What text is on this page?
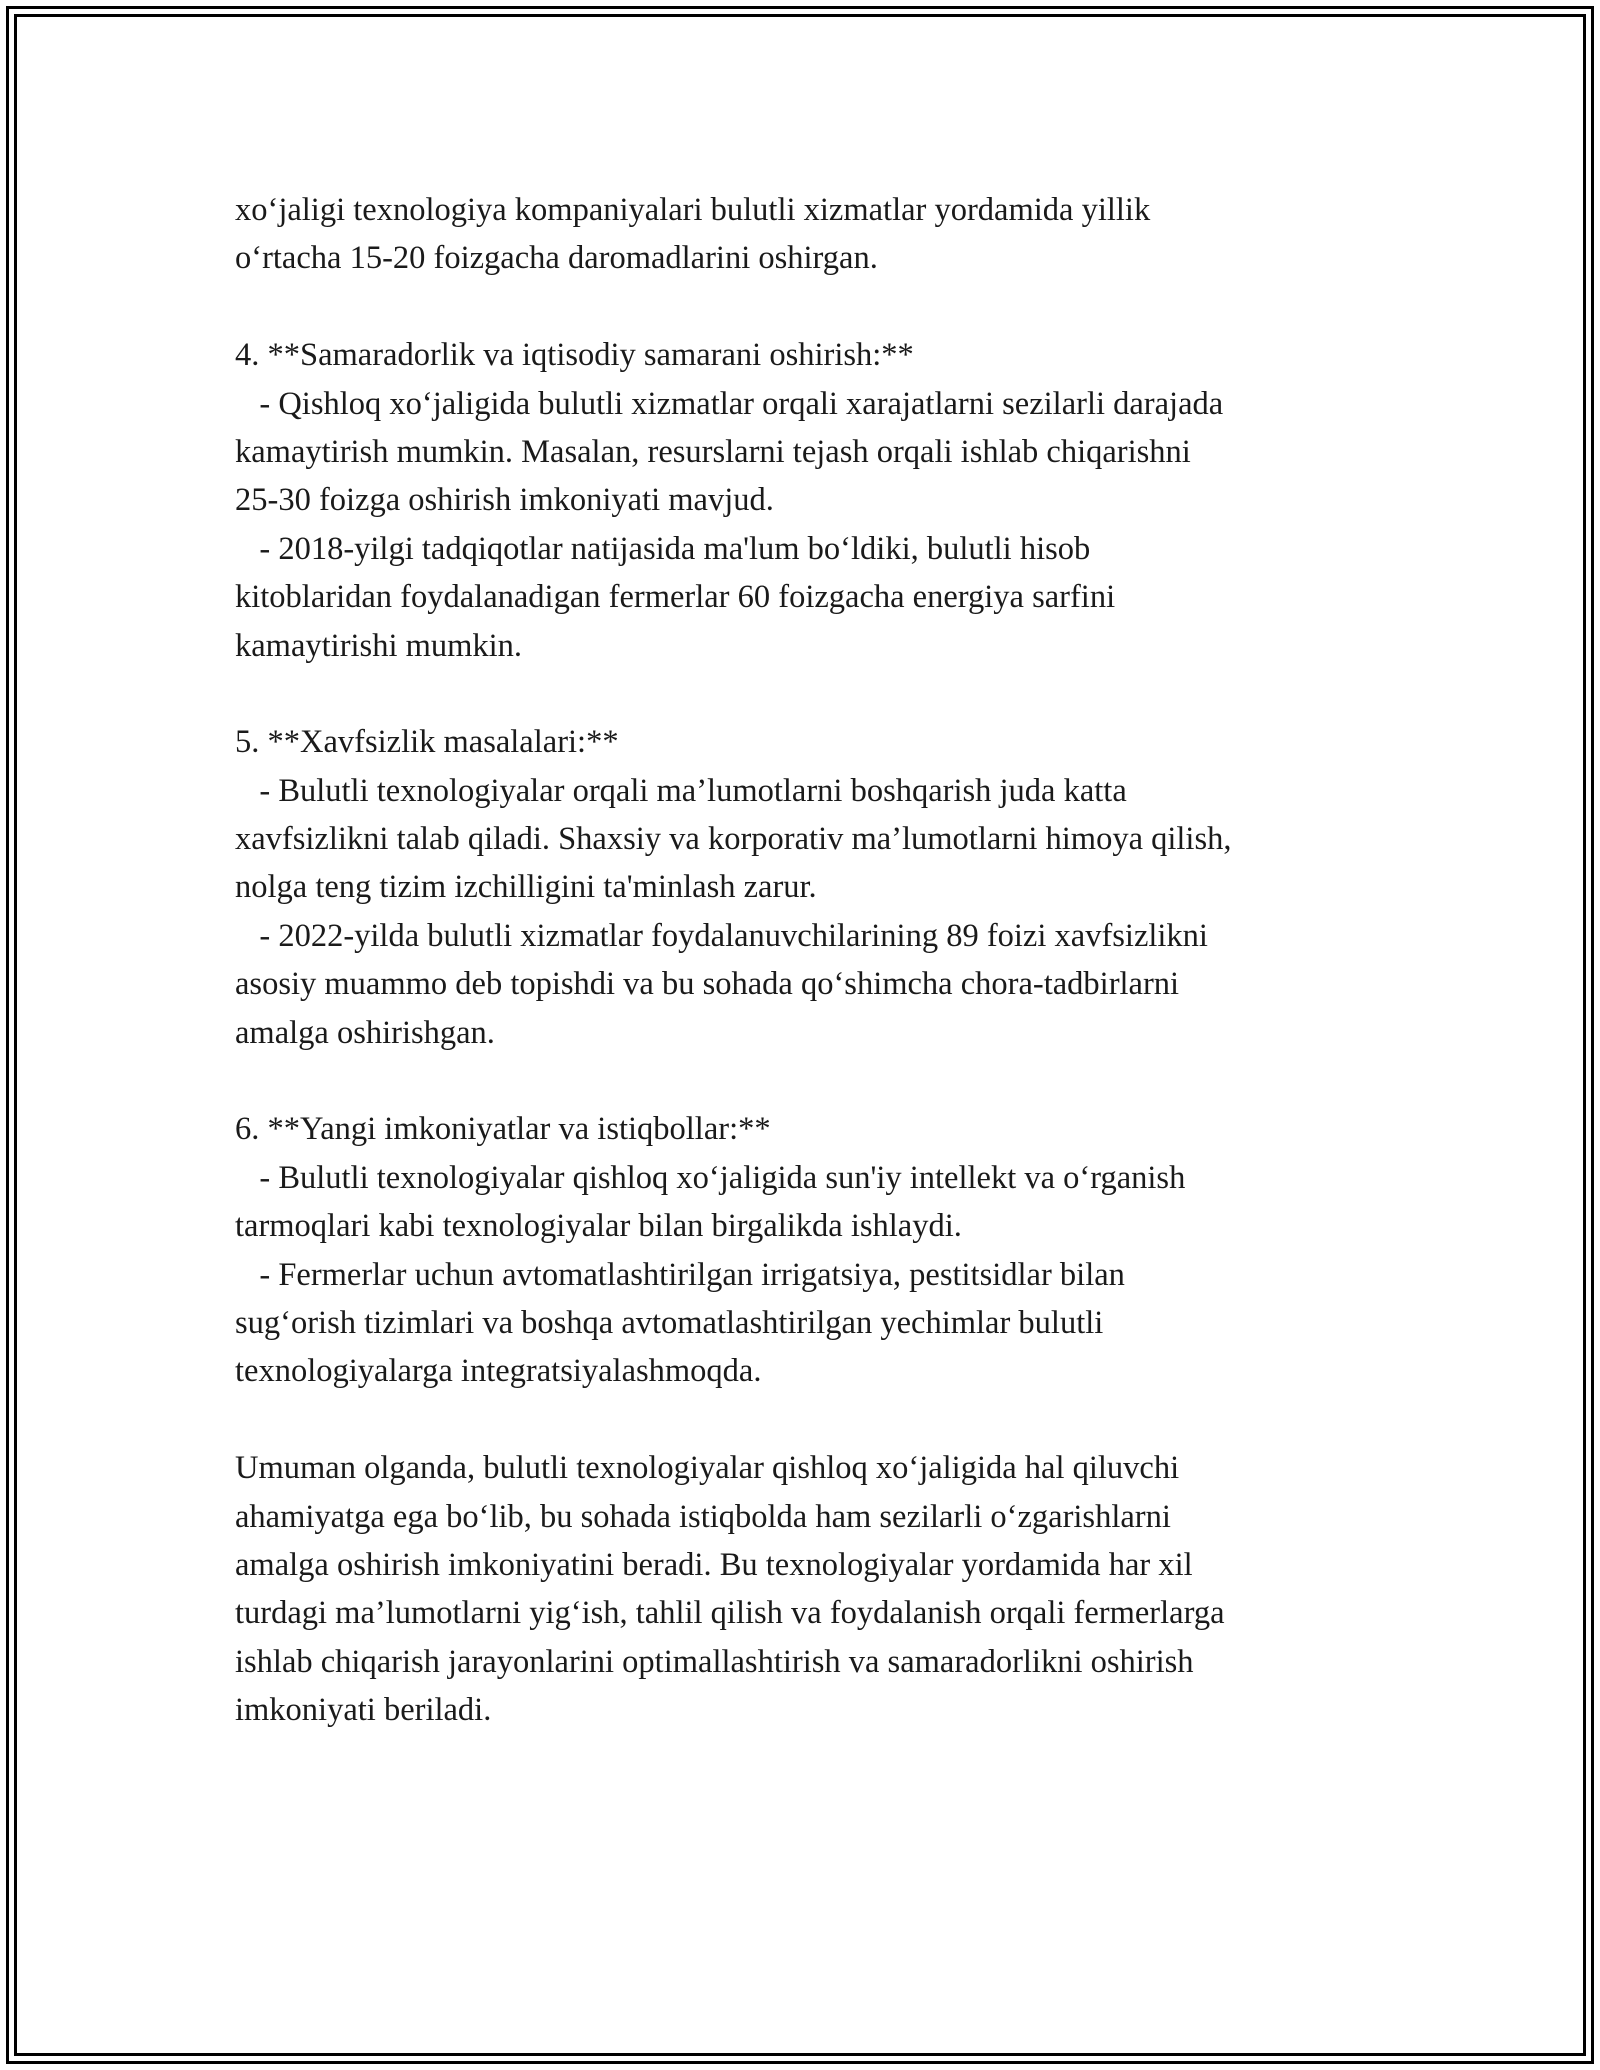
xo‘jaligi texnologiya kompaniyalari bulutli xizmatlar yordamida yillik
o‘rtacha 15-20 foizgacha daromadlarini oshirgan.
4. **Samaradorlik va iqtisodiy samarani oshirish:**
- Qishloq xo‘jaligida bulutli xizmatlar orqali xarajatlarni sezilarli darajada
kamaytirish mumkin. Masalan, resurslarni tejash orqali ishlab chiqarishni
25-30 foizga oshirish imkoniyati mavjud.
- 2018-yilgi tadqiqotlar natijasida ma'lum bo‘ldiki, bulutli hisob
kitoblaridan foydalanadigan fermerlar 60 foizgacha energiya sarfini
kamaytirishi mumkin.
5. **Xavfsizlik masalalari:**
- Bulutli texnologiyalar orqali ma’lumotlarni boshqarish juda katta
xavfsizlikni talab qiladi. Shaxsiy va korporativ ma’lumotlarni himoya qilish,
nolga teng tizim izchilligini ta'minlash zarur.
- 2022-yilda bulutli xizmatlar foydalanuvchilarining 89 foizi xavfsizlikni
asosiy muammo deb topishdi va bu sohada qo‘shimcha chora-tadbirlarni
amalga oshirishgan.
6. **Yangi imkoniyatlar va istiqbollar:**
- Bulutli texnologiyalar qishloq xo‘jaligida sun'iy intellekt va o‘rganish
tarmoqlari kabi texnologiyalar bilan birgalikda ishlaydi.
- Fermerlar uchun avtomatlashtirilgan irrigatsiya, pestitsidlar bilan
sug‘orish tizimlari va boshqa avtomatlashtirilgan yechimlar bulutli
texnologiyalarga integratsiyalashmoqda.
Umuman olganda, bulutli texnologiyalar qishloq xo‘jaligida hal qiluvchi
ahamiyatga ega bo‘lib, bu sohada istiqbolda ham sezilarli o‘zgarishlarni
amalga oshirish imkoniyatini beradi. Bu texnologiyalar yordamida har xil
turdagi ma’lumotlarni yig‘ish, tahlil qilish va foydalanish orqali fermerlarga
ishlab chiqarish jarayonlarini optimallashtirish va samaradorlikni oshirish
imkoniyati beriladi.
